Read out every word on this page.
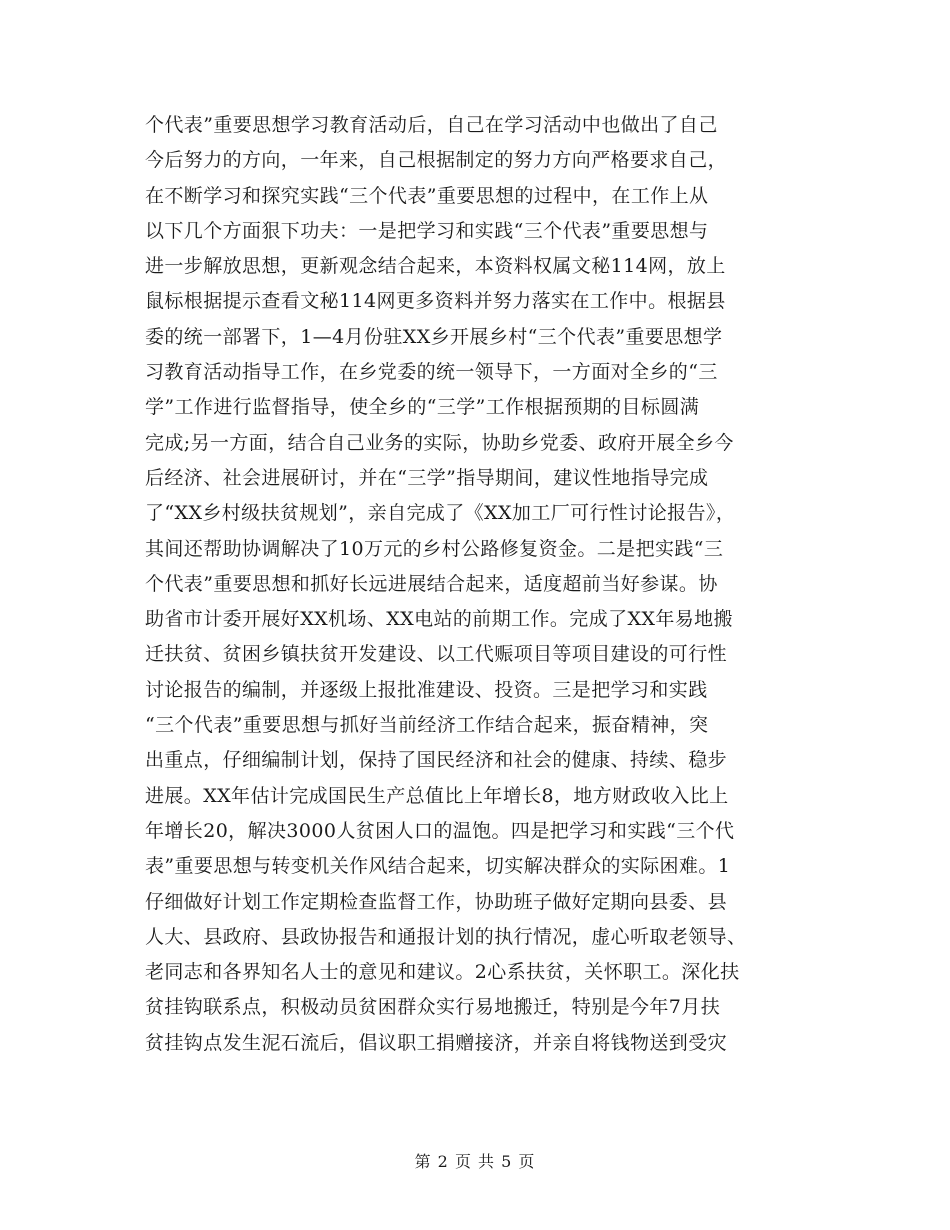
个代表”重要思想学习教育活动后，自己在学习活动中也做出了自己
今后努力的方向，一年来，自己根据制定的努力方向严格要求自己，
在不断学习和探究实践“三个代表”重要思想的过程中，在工作上从
以下几个方面狠下功夫：一是把学习和实践“三个代表”重要思想与
进一步解放思想，更新观念结合起来，本资料权属文秘114网，放上
鼠标根据提示查看文秘114网更多资料并努力落实在工作中。根据县
委的统一部署下，1—4月份驻XX乡开展乡村“三个代表”重要思想学
习教育活动指导工作，在乡党委的统一领导下，一方面对全乡的“三
学”工作进行监督指导，使全乡的“三学”工作根据预期的目标圆满
完成;另一方面，结合自己业务的实际，协助乡党委、政府开展全乡今
后经济、社会进展研讨，并在“三学”指导期间，建议性地指导完成
了“XX乡村级扶贫规划”，亲自完成了《XX加工厂可行性讨论报告》，
其间还帮助协调解决了10万元的乡村公路修复资金。二是把实践“三
个代表”重要思想和抓好长远进展结合起来，适度超前当好参谋。协
助省市计委开展好XX机场、XX电站的前期工作。完成了XX年易地搬
迁扶贫、贫困乡镇扶贫开发建设、以工代赈项目等项目建设的可行性
讨论报告的编制，并逐级上报批准建设、投资。三是把学习和实践
“三个代表”重要思想与抓好当前经济工作结合起来，振奋精神，突
出重点，仔细编制计划，保持了国民经济和社会的健康、持续、稳步
进展。XX年估计完成国民生产总值比上年增长8，地方财政收入比上
年增长20，解决3000人贫困人口的温饱。四是把学习和实践“三个代
表”重要思想与转变机关作风结合起来，切实解决群众的实际困难。1
仔细做好计划工作定期检查监督工作，协助班子做好定期向县委、县
人大、县政府、县政协报告和通报计划的执行情况，虚心听取老领导、
老同志和各界知名人士的意见和建议。2心系扶贫，关怀职工。深化扶
贫挂钩联系点，积极动员贫困群众实行易地搬迁，特别是今年7月扶
贫挂钩点发生泥石流后，倡议职工捐赠接济，并亲自将钱物送到受灾
第 2 页 共 5 页
